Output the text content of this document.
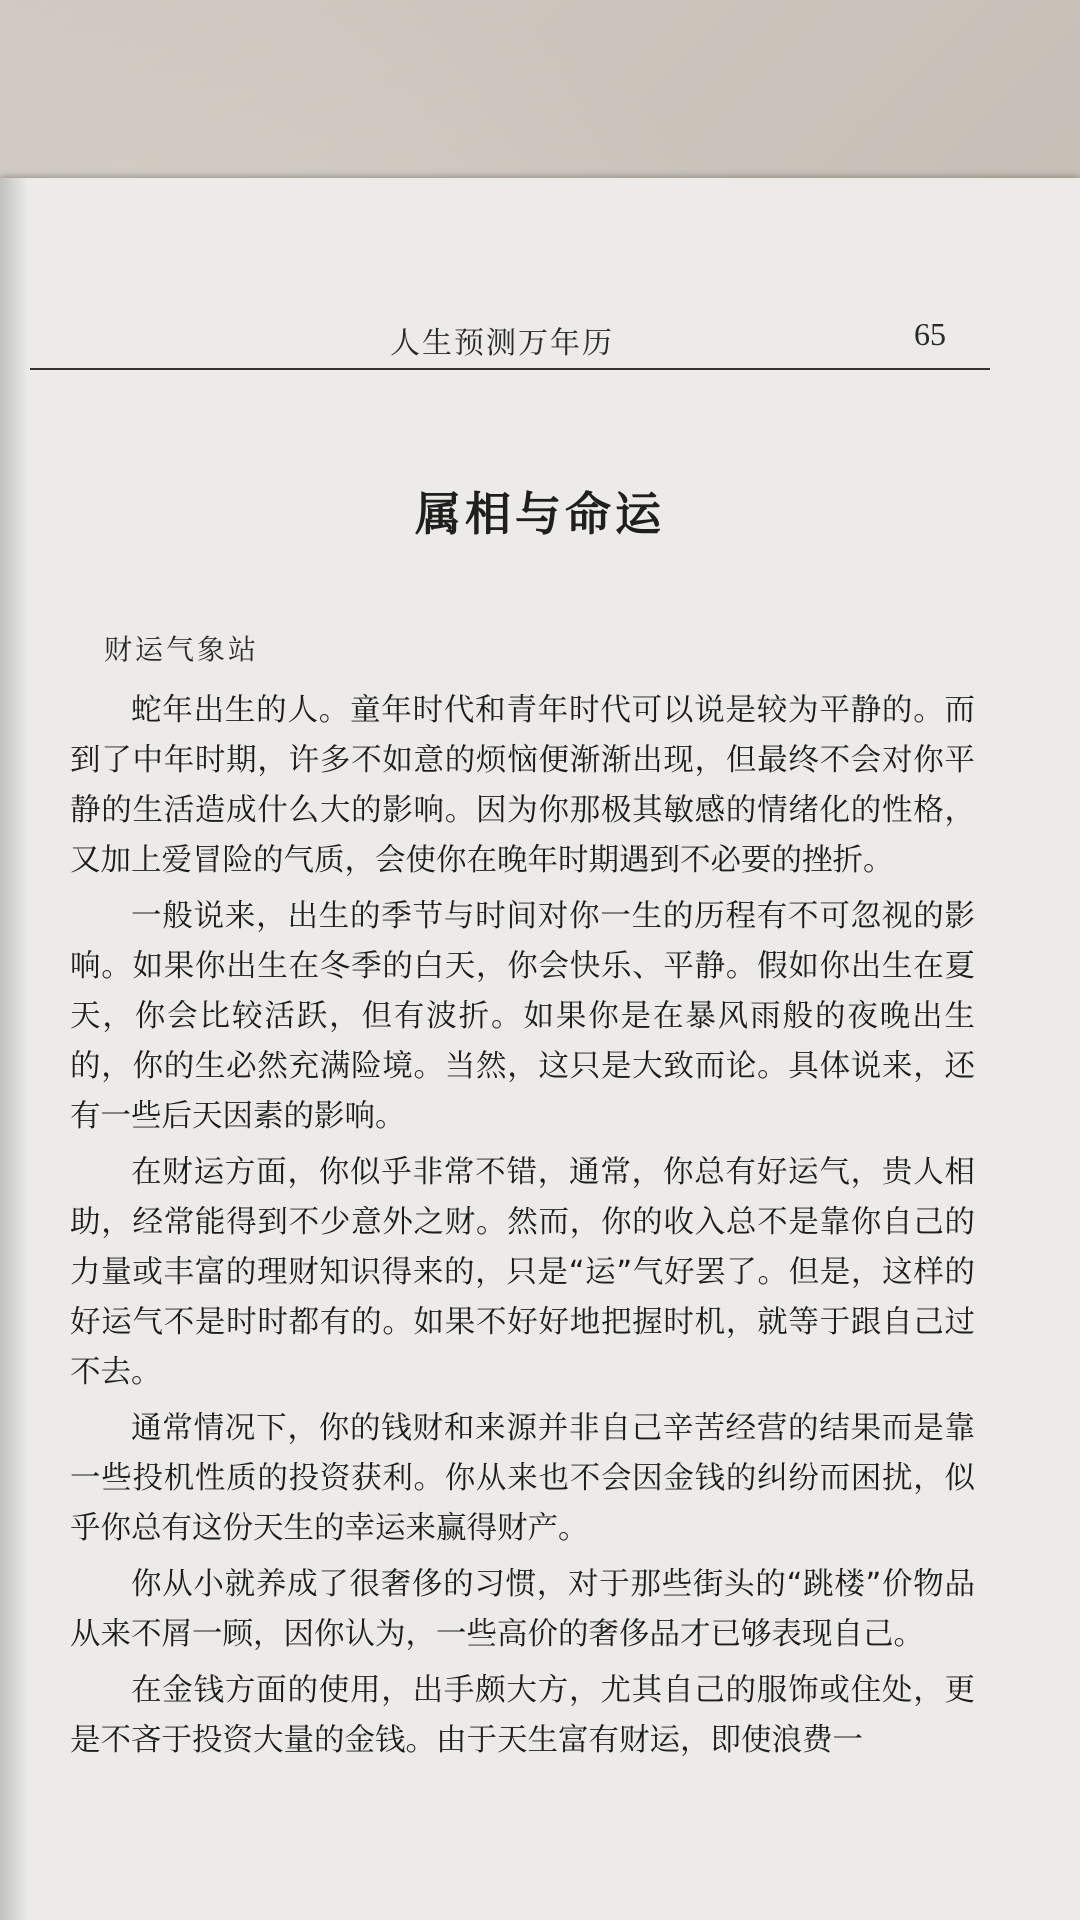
人生预测万年历	65
属相与命运
财运气象站

蛇年出生的人。童年时代和青年时代可以说是较为平静的。而到了中年时期，许多不如意的烦恼便渐渐出现，但最终不会对你平静的生活造成什么大的影响。因为你那极其敏感的情绪化的性格，又加上爱冒险的气质，会使你在晚年时期遇到不必要的挫折。

一般说来，出生的季节与时间对你一生的历程有不可忽视的影响。如果你出生在冬季的白天，你会快乐、平静。假如你出生在夏天，你会比较活跃，但有波折。如果你是在暴风雨般的夜晚出生的，你的生必然充满险境。当然，这只是大致而论。具体说来，还有一些后天因素的影响。

在财运方面，你似乎非常不错，通常，你总有好运气，贵人相助，经常能得到不少意外之财。然而，你的收入总不是靠你自己的力量或丰富的理财知识得来的，只是“运”气好罢了。但是，这样的好运气不是时时都有的。如果不好好地把握时机，就等于跟自己过不去。

通常情况下，你的钱财和来源并非自己辛苦经营的结果而是靠一些投机性质的投资获利。你从来也不会因金钱的纠纷而困扰，似乎你总有这份天生的幸运来赢得财产。

你从小就养成了很奢侈的习惯，对于那些街头的“跳楼”价物品从来不屑一顾，因你认为，一些高价的奢侈品才已够表现自己。

在金钱方面的使用，出手颇大方，尤其自己的服饰或住处，更是不吝于投资大量的金钱。由于天生富有财运，即使浪费一
